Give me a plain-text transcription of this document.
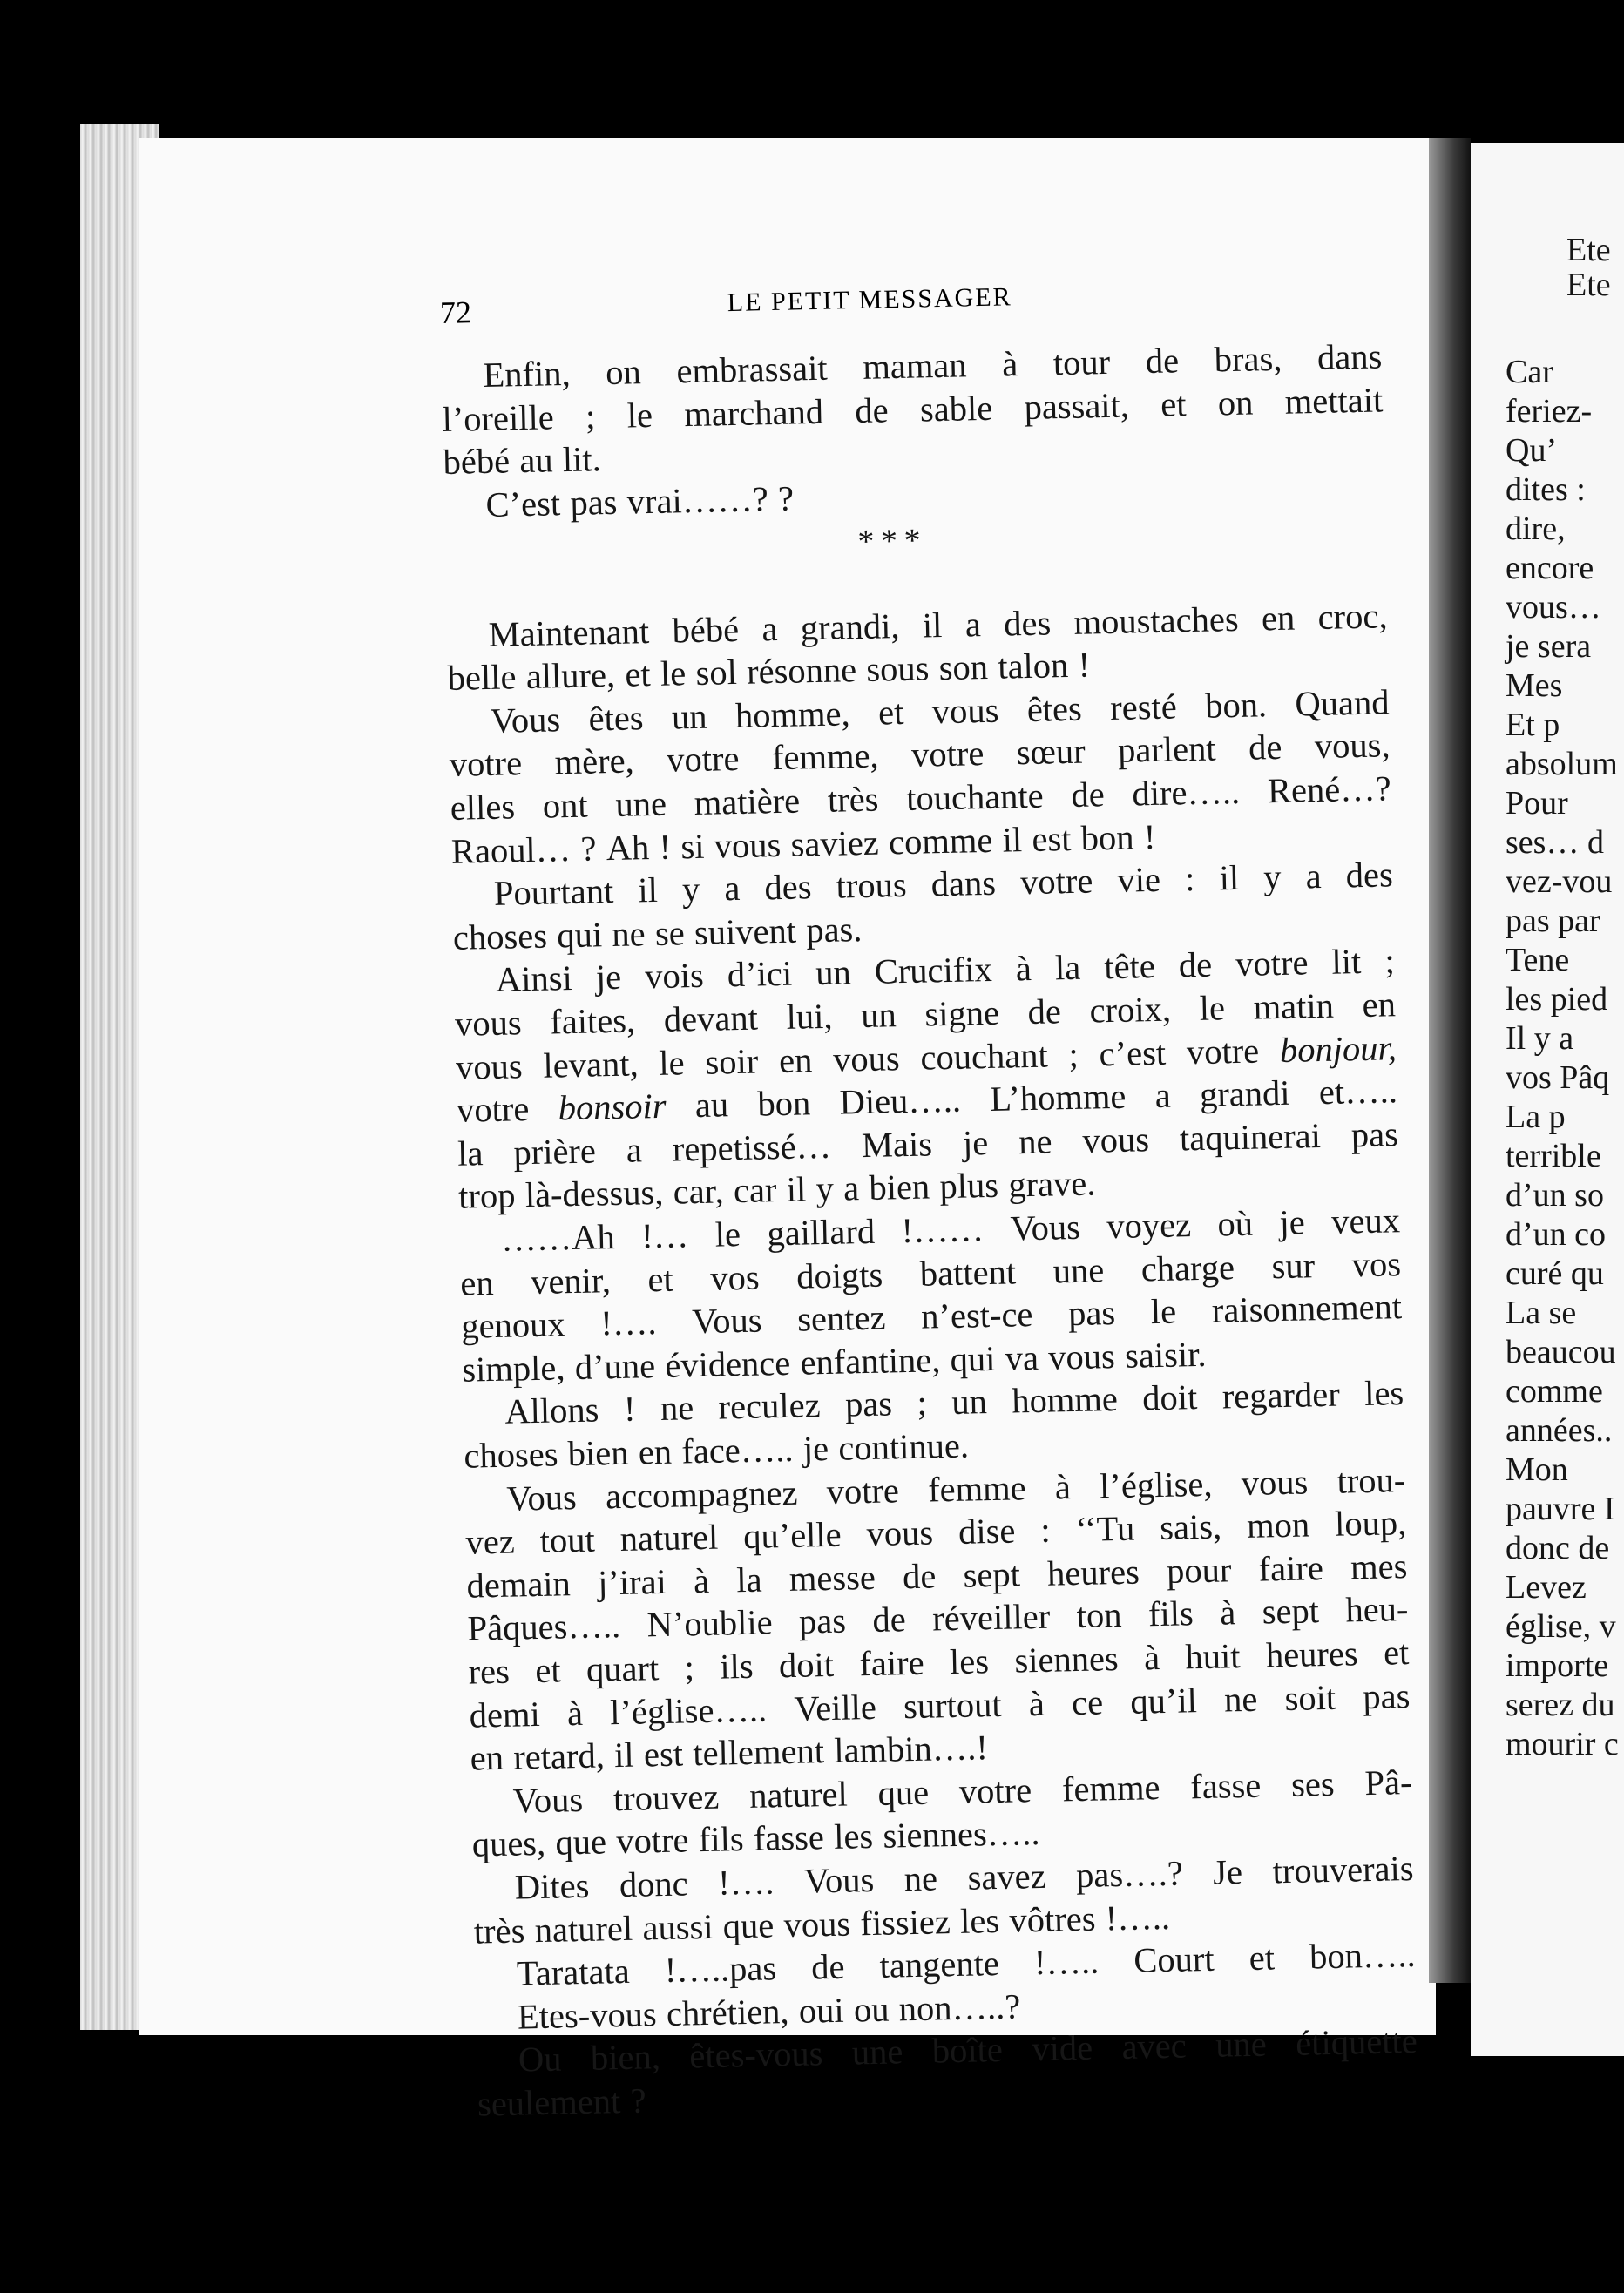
Ete
Ete
Car
feriez-
Qu’
dites :
dire,
encore
vous…
je sera
Mes
Et p
absolum
Pour
ses… d
vez-vou
pas par
Tene
les pied
Il y a
vos Pâq
La p
terrible
d’un so
d’un co
curé qu
La se
beaucou
comme
années..
Mon
pauvre I
donc de
Levez
église, v
importe
serez du
mourir c
72	LE PETIT MESSAGER
Enfin, on embrassait maman à tour de bras, dans
l’oreille ; le marchand de sable passait, et on mettait
bébé au lit.
C’est pas vrai……? ?
* * *
Maintenant bébé a grandi, il a des moustaches en croc,
belle allure, et le sol résonne sous son talon !
Vous êtes un homme, et vous êtes resté bon. Quand
votre mère, votre femme, votre sœur parlent de vous,
elles ont une matière très touchante de dire….. René…?
Raoul… ? Ah ! si vous saviez comme il est bon !
Pourtant il y a des trous dans votre vie : il y a des
choses qui ne se suivent pas.
Ainsi je vois d’ici un Crucifix à la tête de votre lit ;
vous faites, devant lui, un signe de croix, le matin en
vous levant, le soir en vous couchant ; c’est votre bonjour,
votre bonsoir au bon Dieu….. L’homme a grandi et…..
la prière a repetissé… Mais je ne vous taquinerai pas
trop là-dessus, car, car il y a bien plus grave.
……Ah !… le gaillard !…… Vous voyez où je veux
en venir, et vos doigts battent une charge sur vos
genoux !…. Vous sentez n’est-ce pas le raisonnement
simple, d’une évidence enfantine, qui va vous saisir.
Allons ! ne reculez pas ; un homme doit regarder les
choses bien en face….. je continue.
Vous accompagnez votre femme à l’église, vous trou-
vez tout naturel qu’elle vous dise : ‘‘Tu sais, mon loup,
demain j’irai à la messe de sept heures pour faire mes
Pâques….. N’oublie pas de réveiller ton fils à sept heu-
res et quart ; ils doit faire les siennes à huit heures et
demi à l’église….. Veille surtout à ce qu’il ne soit pas
en retard, il est tellement lambin….!
Vous trouvez naturel que votre femme fasse ses Pâ-
ques, que votre fils fasse les siennes…..
Dites donc !…. Vous ne savez pas….? Je trouverais
très naturel aussi que vous fissiez les vôtres !…..
Taratata !…..pas de tangente !….. Court et bon…..
Etes-vous chrétien, oui ou non…..?
Ou bien, êtes-vous une boîte vide avec une étiquette
seulement ?
